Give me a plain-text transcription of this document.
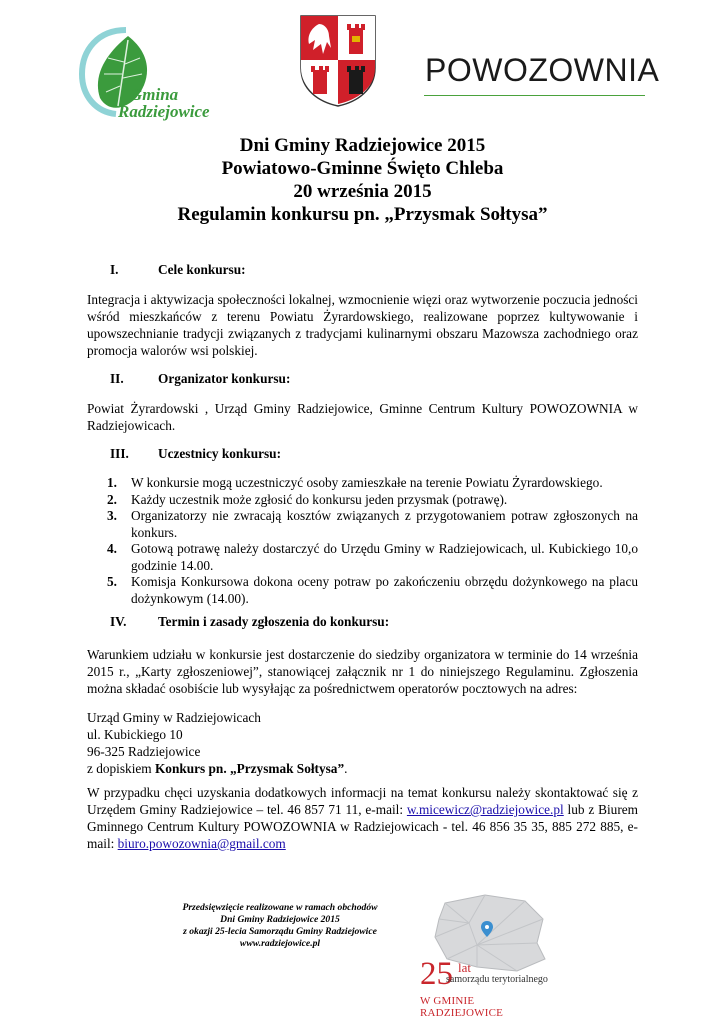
Gmina
Radziejowice
POWOZOWNIA
Dni Gminy Radziejowice 2015
Powiatowo-Gminne Święto Chleba
20 września 2015
Regulamin konkursu pn. „Przysmak Sołtysa”
I.	Cele konkursu:
Integracja i aktywizacja społeczności lokalnej, wzmocnienie więzi oraz wytworzenie poczucia jedności wśród mieszkańców z terenu Powiatu Żyrardowskiego, realizowane poprzez kultywowanie i upowszechnianie tradycji związanych z tradycjami kulinarnymi obszaru Mazowsza zachodniego oraz promocja walorów wsi polskiej.
II.	Organizator konkursu:
Powiat Żyrardowski , Urząd Gminy Radziejowice, Gminne Centrum Kultury POWOZOWNIA w Radziejowicach.
III. Uczestnicy konkursu:
1. W konkursie mogą uczestniczyć osoby zamieszkałe na terenie Powiatu Żyrardowskiego.
2. Każdy uczestnik może zgłosić do konkursu jeden przysmak (potrawę).
3. Organizatorzy nie zwracają kosztów związanych z przygotowaniem potraw zgłoszonych na konkurs.
4. Gotową potrawę należy dostarczyć do Urzędu Gminy w Radziejowicach, ul. Kubickiego 10,o godzinie 14.00.
5. Komisja Konkursowa dokona oceny potraw po zakończeniu obrzędu dożynkowego na placu dożynkowym (14.00).
IV. Termin i zasady zgłoszenia do konkursu:
Warunkiem udziału w konkursie jest dostarczenie do siedziby organizatora w terminie do 14 września 2015 r., „Karty zgłoszeniowej”, stanowiącej załącznik nr 1 do niniejszego Regulaminu. Zgłoszenia można składać osobiście lub wysyłając za pośrednictwem operatorów pocztowych na adres:
Urząd Gminy w Radziejowicach
ul. Kubickiego 10
96-325 Radziejowice
z dopiskiem Konkurs pn. „Przysmak Sołtysa”.
W przypadku chęci uzyskania dodatkowych informacji na temat konkursu należy skontaktować się z Urzędem Gminy Radziejowice – tel. 46 857 71 11, e-mail: w.micewicz@radziejowice.pl lub z Biurem Gminnego Centrum Kultury POWOZOWNIA w Radziejowicach - tel. 46 856 35 35, 885 272 885, e-mail: biuro.powozownia@gmail.com
Przedsięwzięcie realizowane w ramach obchodów
Dni Gminy Radziejowice 2015
z okazji 25-lecia Samorządu Gminy Radziejowice
www.radziejowice.pl
25 lat
samorządu terytorialnego
W GMINIE RADZIEJOWICE
